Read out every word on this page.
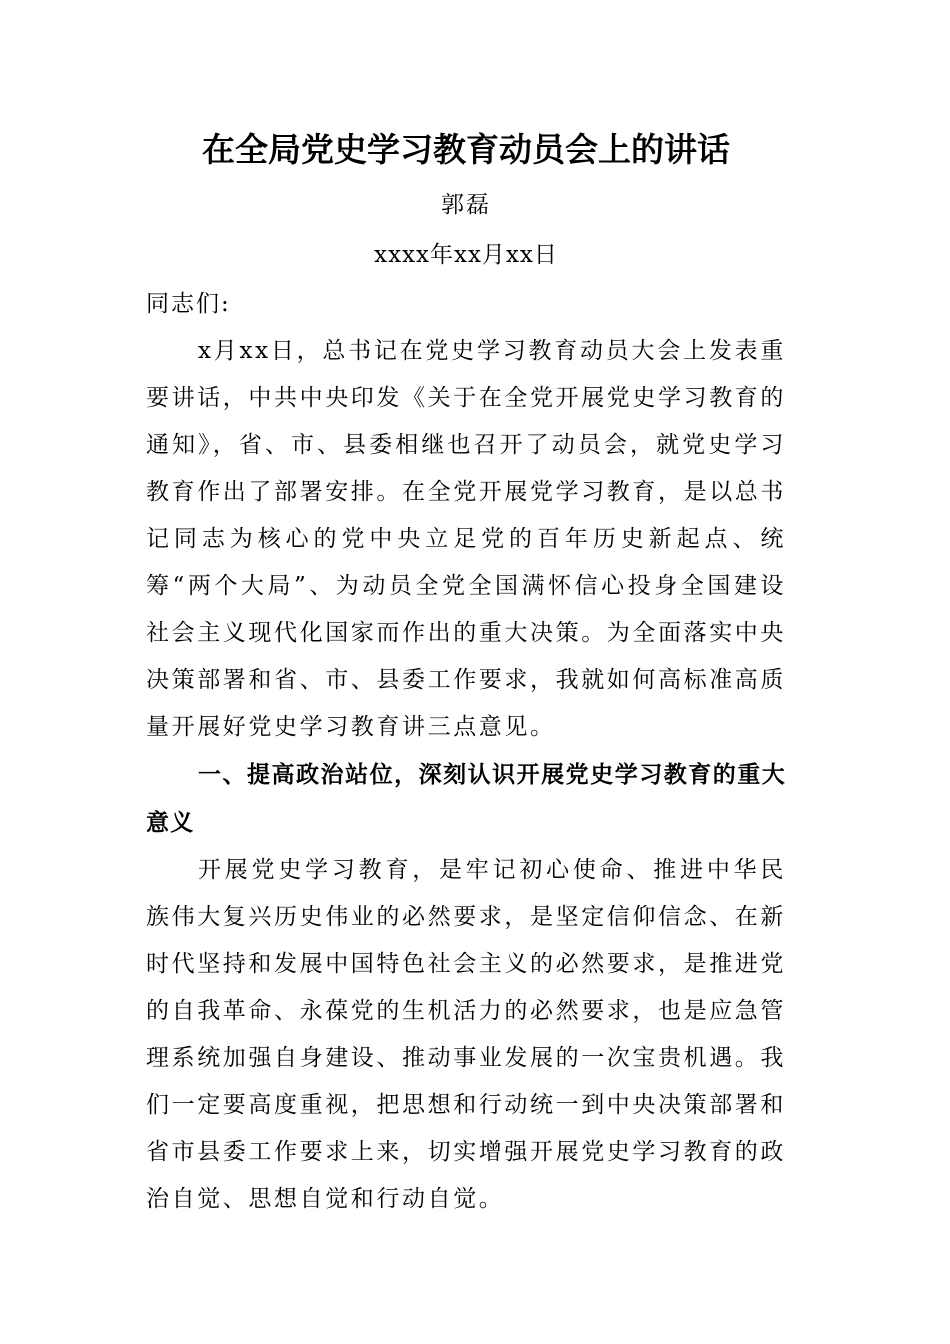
在全局党史学习教育动员会上的讲话

郭磊

xxxx年xx月xx日

同志们:

x月xx日，总书记在党史学习教育动员大会上发表重要讲话，中共中央印发《关于在全党开展党史学习教育的通知》，省、市、县委相继也召开了动员会，就党史学习教育作出了部署安排。在全党开展党学习教育，是以总书记同志为核心的党中央立足党的百年历史新起点、统筹“两个大局”、为动员全党全国满怀信心投身全国建设社会主义现代化国家而作出的重大决策。为全面落实中央决策部署和省、市、县委工作要求，我就如何高标准高质量开展好党史学习教育讲三点意见。

一、提高政治站位，深刻认识开展党史学习教育的重大意义

开展党史学习教育，是牢记初心使命、推进中华民族伟大复兴历史伟业的必然要求，是坚定信仰信念、在新时代坚持和发展中国特色社会主义的必然要求，是推进党的自我革命、永葆党的生机活力的必然要求，也是应急管理系统加强自身建设、推动事业发展的一次宝贵机遇。我们一定要高度重视，把思想和行动统一到中央决策部署和省市县委工作要求上来，切实增强开展党史学习教育的政治自觉、思想自觉和行动自觉。
